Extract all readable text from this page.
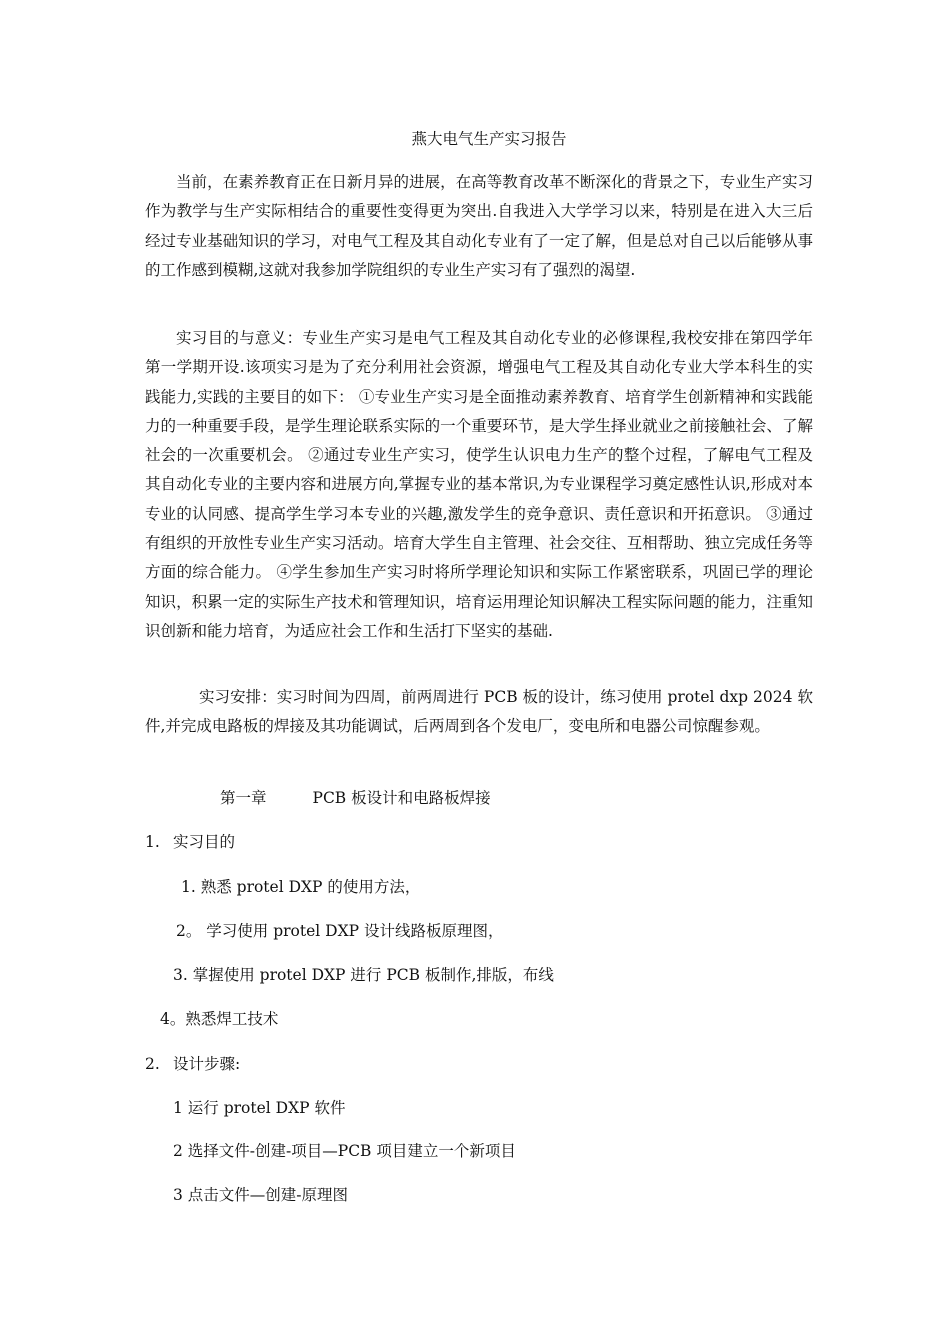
燕大电气生产实习报告

当前，在素养教育正在日新月异的进展，在高等教育改革不断深化的背景之下，专业生产实习作为教学与生产实际相结合的重要性变得更为突出.自我进入大学学习以来，特别是在进入大三后经过专业基础知识的学习，对电气工程及其自动化专业有了一定了解，但是总对自己以后能够从事的工作感到模糊,这就对我参加学院组织的专业生产实习有了强烈的渴望.

实习目的与意义：专业生产实习是电气工程及其自动化专业的必修课程,我校安排在第四学年第一学期开设.该项实习是为了充分利用社会资源，增强电气工程及其自动化专业大学本科生的实践能力,实践的主要目的如下： ①专业生产实习是全面推动素养教育、培育学生创新精神和实践能力的一种重要手段，是学生理论联系实际的一个重要环节，是大学生择业就业之前接触社会、了解社会的一次重要机会。 ②通过专业生产实习，使学生认识电力生产的整个过程，了解电气工程及其自动化专业的主要内容和进展方向,掌握专业的基本常识,为专业课程学习奠定感性认识,形成对本专业的认同感、提高学生学习本专业的兴趣,激发学生的竞争意识、责任意识和开拓意识。 ③通过有组织的开放性专业生产实习活动。培育大学生自主管理、社会交往、互相帮助、独立完成任务等方面的综合能力。 ④学生参加生产实习时将所学理论知识和实际工作紧密联系，巩固已学的理论知识，积累一定的实际生产技术和管理知识，培育运用理论知识解决工程实际问题的能力，注重知识创新和能力培育，为适应社会工作和生活打下坚实的基础.

实习安排：实习时间为四周，前两周进行 PCB 板的设计，练习使用 protel dxp 2024 软件,并完成电路板的焊接及其功能调试，后两周到各个发电厂，变电所和电器公司惊醒参观。

第一章	PCB 板设计和电路板焊接
1. 实习目的
1. 熟悉 protel DXP 的使用方法，
2。 学习使用 protel DXP 设计线路板原理图，
3. 掌握使用 protel DXP 进行 PCB 板制作,排版，布线
4。熟悉焊工技术
2. 设计步骤:
1 运行 protel DXP 软件
2 选择文件-创建-项目—PCB 项目建立一个新项目
3 点击文件—创建-原理图
